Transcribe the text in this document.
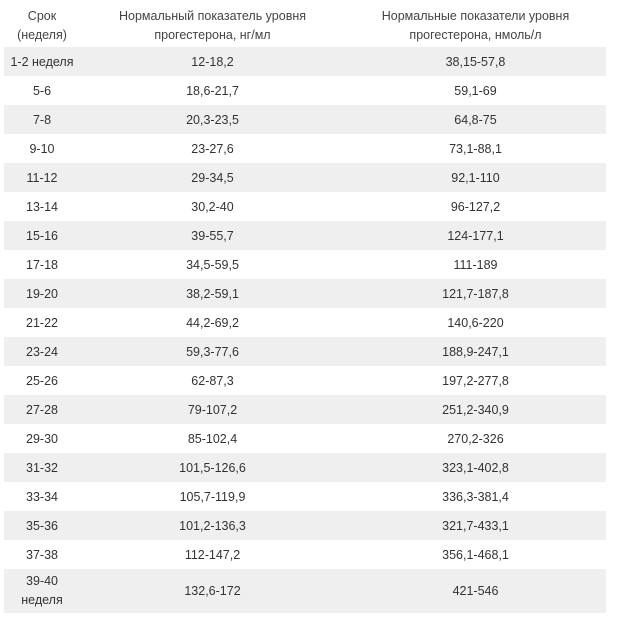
Срок (неделя)	Нормальный показатель уровня прогестерона, нг/мл	Нормальные показатели уровня прогестерона, нмоль/л
1-2 неделя	12-18,2	38,15-57,8
5-6	18,6-21,7	59,1-69
7-8	20,3-23,5	64,8-75
9-10	23-27,6	73,1-88,1
11-12	29-34,5	92,1-110
13-14	30,2-40	96-127,2
15-16	39-55,7	124-177,1
17-18	34,5-59,5	111-189
19-20	38,2-59,1	121,7-187,8
21-22	44,2-69,2	140,6-220
23-24	59,3-77,6	188,9-247,1
25-26	62-87,3	197,2-277,8
27-28	79-107,2	251,2-340,9
29-30	85-102,4	270,2-326
31-32	101,5-126,6	323,1-402,8
33-34	105,7-119,9	336,3-381,4
35-36	101,2-136,3	321,7-433,1
37-38	112-147,2	356,1-468,1
39-40 неделя	132,6-172	421-546
